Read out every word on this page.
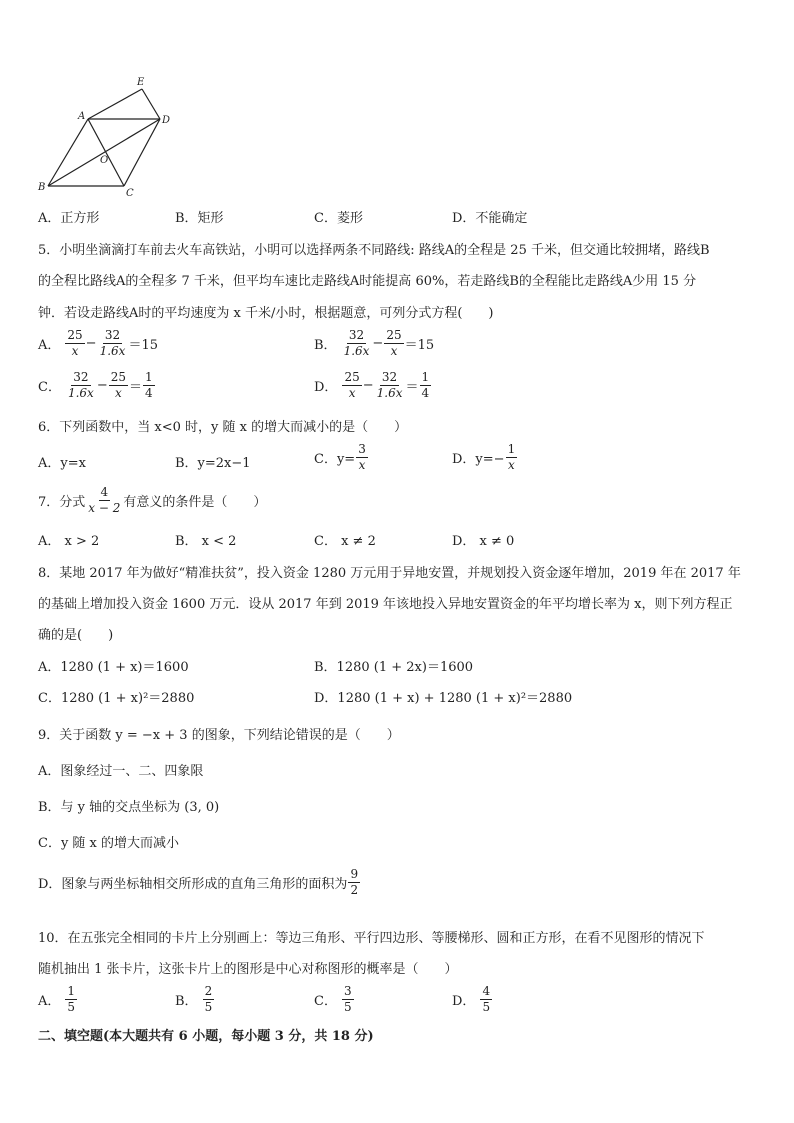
E
A	D
O
B
C
A．正方形	B．矩形	C．菱形	D．不能确定
5．小明坐滴滴打车前去火车高铁站，小明可以选择两条不同路线: 路线A的全程是 25 千米，但交通比较拥堵，路线B
的全程比路线A的全程多 7 千米，但平均车速比走路线A时能提高 60%，若走路线B的全程能比走路线A少用 15 分
钟．若设走路线A时的平均速度为 x 千米/小时，根据题意，可列分式方程(　　)
A． $\frac{25}{x} - \frac{32}{1.6x} =15$	B． $\frac{32}{1.6x} - \frac{25}{x} =15$
C． $\frac{32}{1.6x} - \frac{25}{x} = \frac{1}{4}$	D． $\frac{25}{x} - \frac{32}{1.6x} = \frac{1}{4}$
6．下列函数中，当 x<0 时，y 随 x 的增大而减小的是（　　）
A．y=x	B．y=2x−1	C．$y= \frac{3}{x}$	D．$y=- \frac{1}{x}$
7．分式 $\frac{4}{x - 2}$ 有意义的条件是（　　）
A． x > 2	B． x < 2	C． x ≠ 2	D． x ≠ 0
8．某地 2017 年为做好“精准扶贫”，投入资金 1280 万元用于异地安置，并规划投入资金逐年增加，2019 年在 2017 年
的基础上增加投入资金 1600 万元．设从 2017 年到 2019 年该地投入异地安置资金的年平均增长率为 x，则下列方程正
确的是(　　)
A．1280 (1 + x)＝1600	B．1280 (1 + 2x)＝1600
C．1280 (1 + x)²＝2880	D．1280 (1 + x) + 1280 (1 + x)²＝2880
9．关于函数 y = −x + 3 的图象，下列结论错误的是（　　）
A．图象经过一、二、四象限
B．与 y 轴的交点坐标为 (3, 0)
C．y 随 x 的增大而减小
D．图象与两坐标轴相交所形成的直角三角形的面积为 $\frac{9}{2}$
10．在五张完全相同的卡片上分别画上：等边三角形、平行四边形、等腰梯形、圆和正方形，在看不见图形的情况下
随机抽出 1 张卡片，这张卡片上的图形是中心对称图形的概率是（　　）
A． $\frac{1}{5}$	B． $\frac{2}{5}$	C． $\frac{3}{5}$	D． $\frac{4}{5}$
二、填空题(本大题共有 6 小题，每小题 3 分，共 18 分)
